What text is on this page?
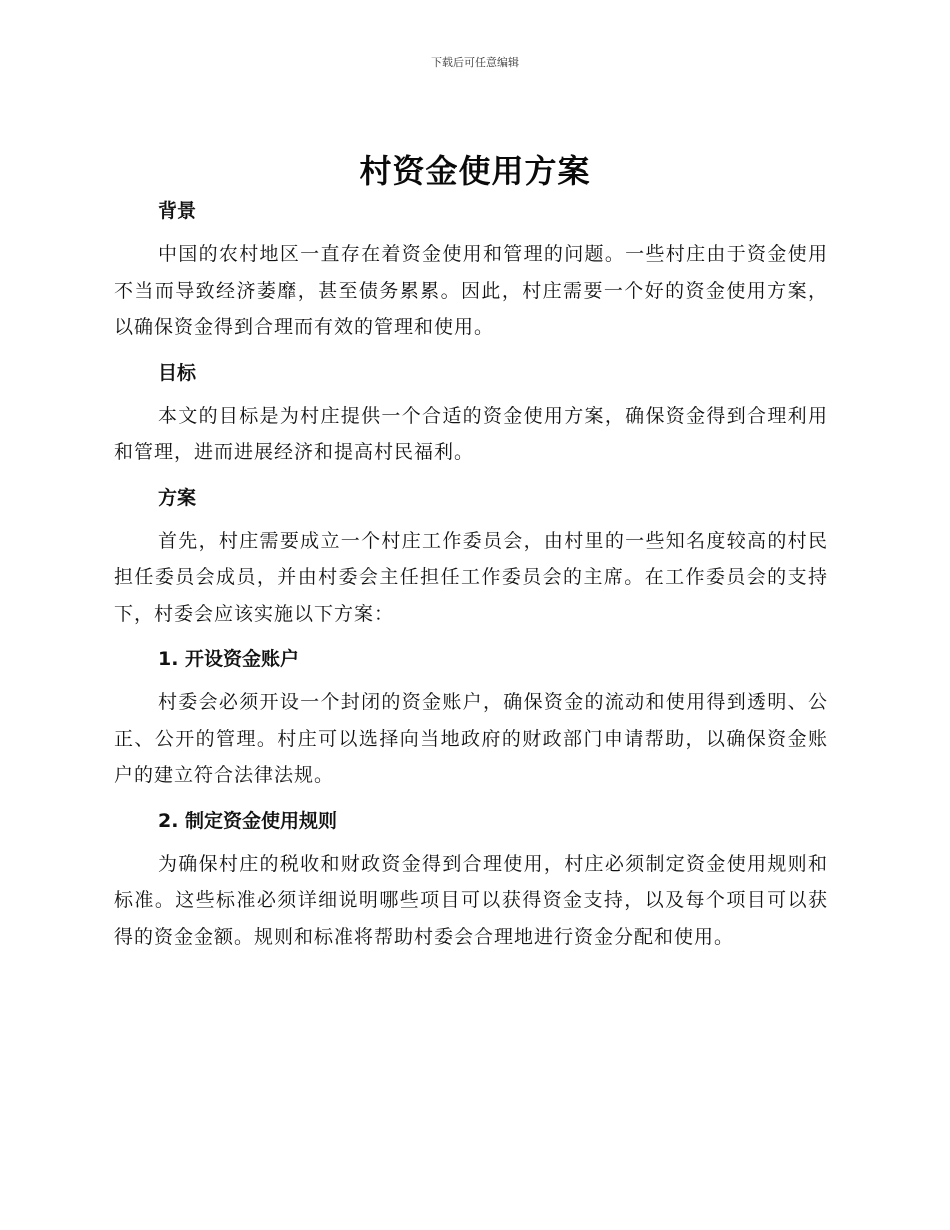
下载后可任意编辑
村资金使用方案
背景

中国的农村地区一直存在着资金使用和管理的问题。一些村庄由于资金使用不当而导致经济萎靡，甚至债务累累。因此，村庄需要一个好的资金使用方案，以确保资金得到合理而有效的管理和使用。

目标

本文的目标是为村庄提供一个合适的资金使用方案，确保资金得到合理利用和管理，进而进展经济和提高村民福利。

方案

首先，村庄需要成立一个村庄工作委员会，由村里的一些知名度较高的村民担任委员会成员，并由村委会主任担任工作委员会的主席。在工作委员会的支持下，村委会应该实施以下方案：

1. 开设资金账户

村委会必须开设一个封闭的资金账户，确保资金的流动和使用得到透明、公正、公开的管理。村庄可以选择向当地政府的财政部门申请帮助，以确保资金账户的建立符合法律法规。

2. 制定资金使用规则

为确保村庄的税收和财政资金得到合理使用，村庄必须制定资金使用规则和标准。这些标准必须详细说明哪些项目可以获得资金支持，以及每个项目可以获得的资金金额。规则和标准将帮助村委会合理地进行资金分配和使用。
